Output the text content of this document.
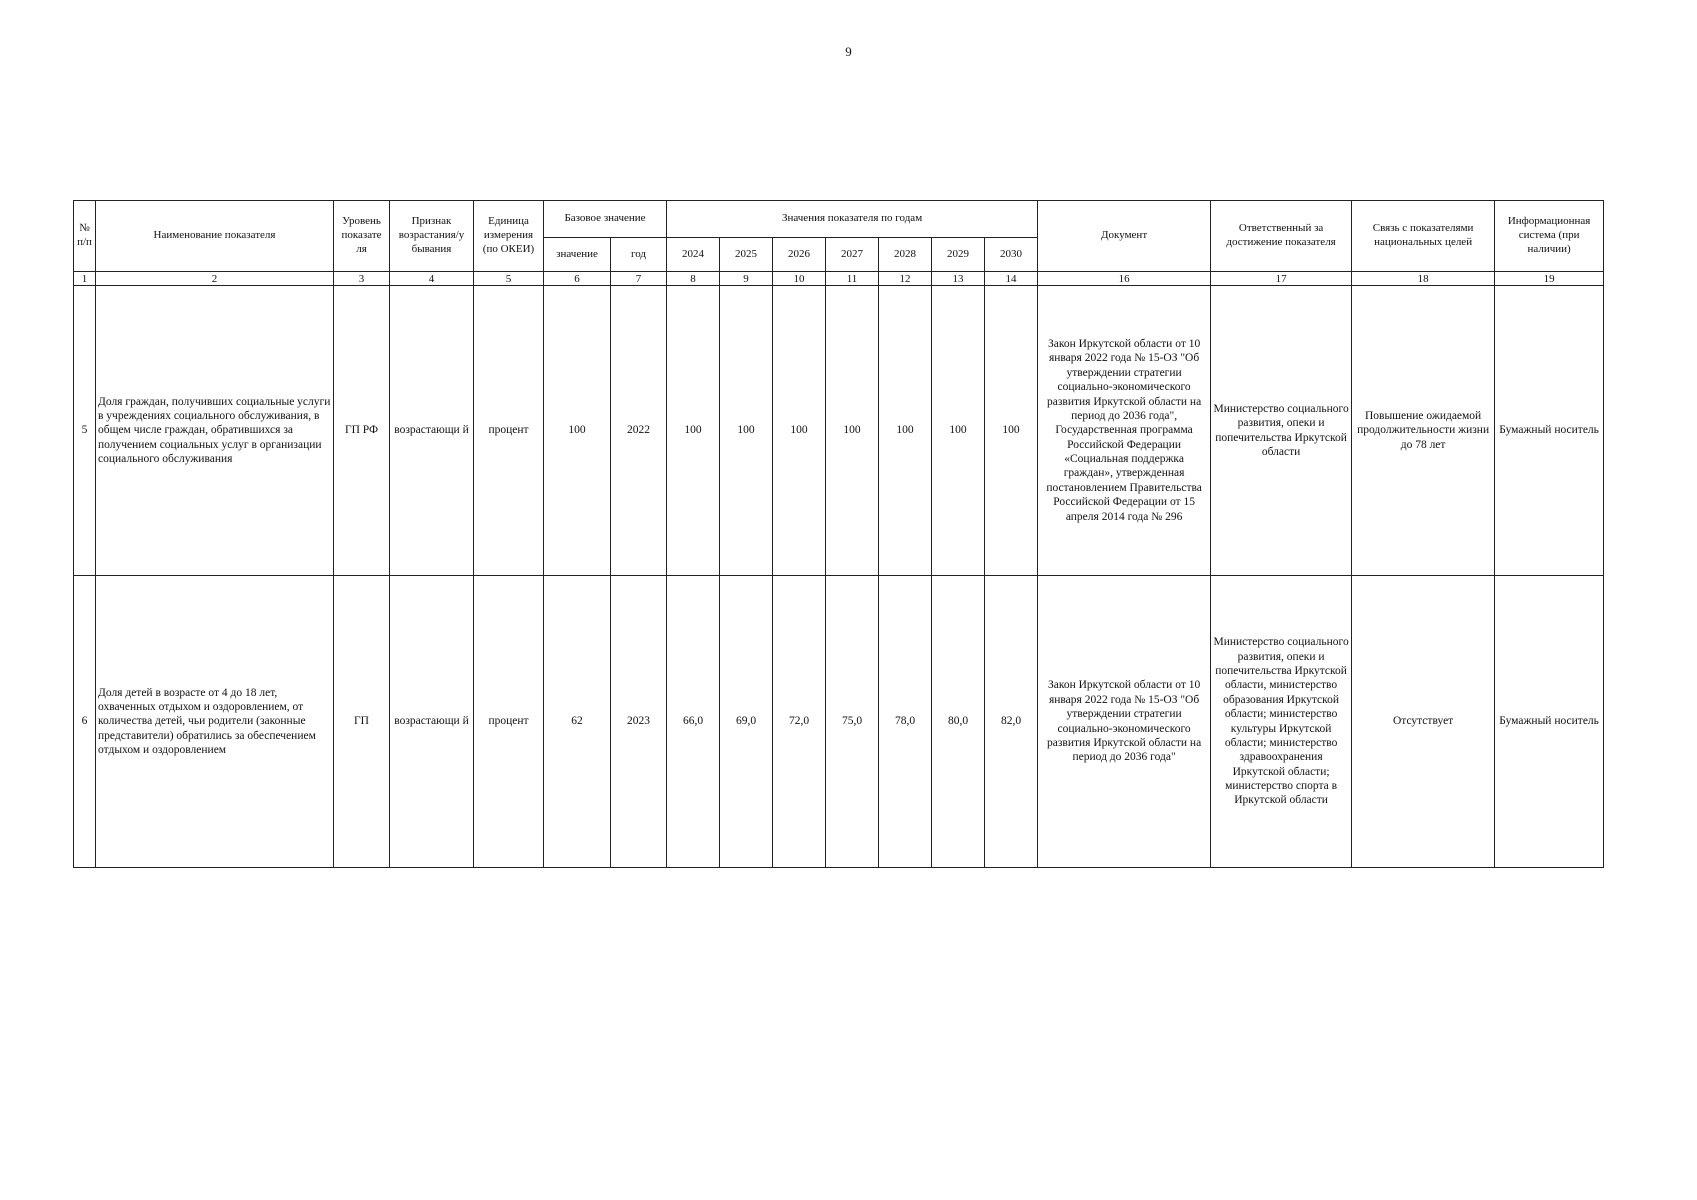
9
№ п/п	Наименование показателя	Уровень показате ля	Признак возрастания/у бывания	Единица измерения (по ОКЕИ)	Базовое значение		Значения показателя по годам							Документ	Ответственный за достижение показателя	Связь с показателями национальных целей	Информационная система (при наличии)
					значение	год	2024	2025	2026	2027	2028	2029	2030				
1	2	3	4	5	6	7	8	9	10	11	12	13	14	16	17	18	19
5	Доля граждан, получивших социальные услуги в учреждениях социального обслуживания, в общем числе граждан, обратившихся за получением социальных услуг в организации социального обслуживания	ГП РФ	возрастающи й	процент	100	2022	100	100	100	100	100	100	100	Закон Иркутской области от 10 января 2022 года № 15-ОЗ "Об утверждении стратегии социально-экономического развития Иркутской области на период до 2036 года", Государственная программа Российской Федерации «Социальная поддержка граждан», утвержденная постановлением Правительства Российской Федерации от 15 апреля 2014 года № 296	Министерство социального развития, опеки и попечительства Иркутской области	Повышение ожидаемой продолжительности жизни до 78 лет	Бумажный носитель
6	Доля детей в возрасте от 4 до 18 лет, охваченных отдыхом и оздоровлением, от количества детей, чьи родители (законные представители) обратились за обеспечением отдыхом и оздоровлением	ГП	возрастающи й	процент	62	2023	66,0	69,0	72,0	75,0	78,0	80,0	82,0	Закон Иркутской области от 10 января 2022 года № 15-ОЗ "Об утверждении стратегии социально-экономического развития Иркутской области на период до 2036 года"	Министерство социального развития, опеки и попечительства Иркутской области, министерство образования Иркутской области; министерство культуры Иркутской области; министерство здравоохранения Иркутской области; министерство спорта в Иркутской области	Отсутствует	Бумажный носитель
